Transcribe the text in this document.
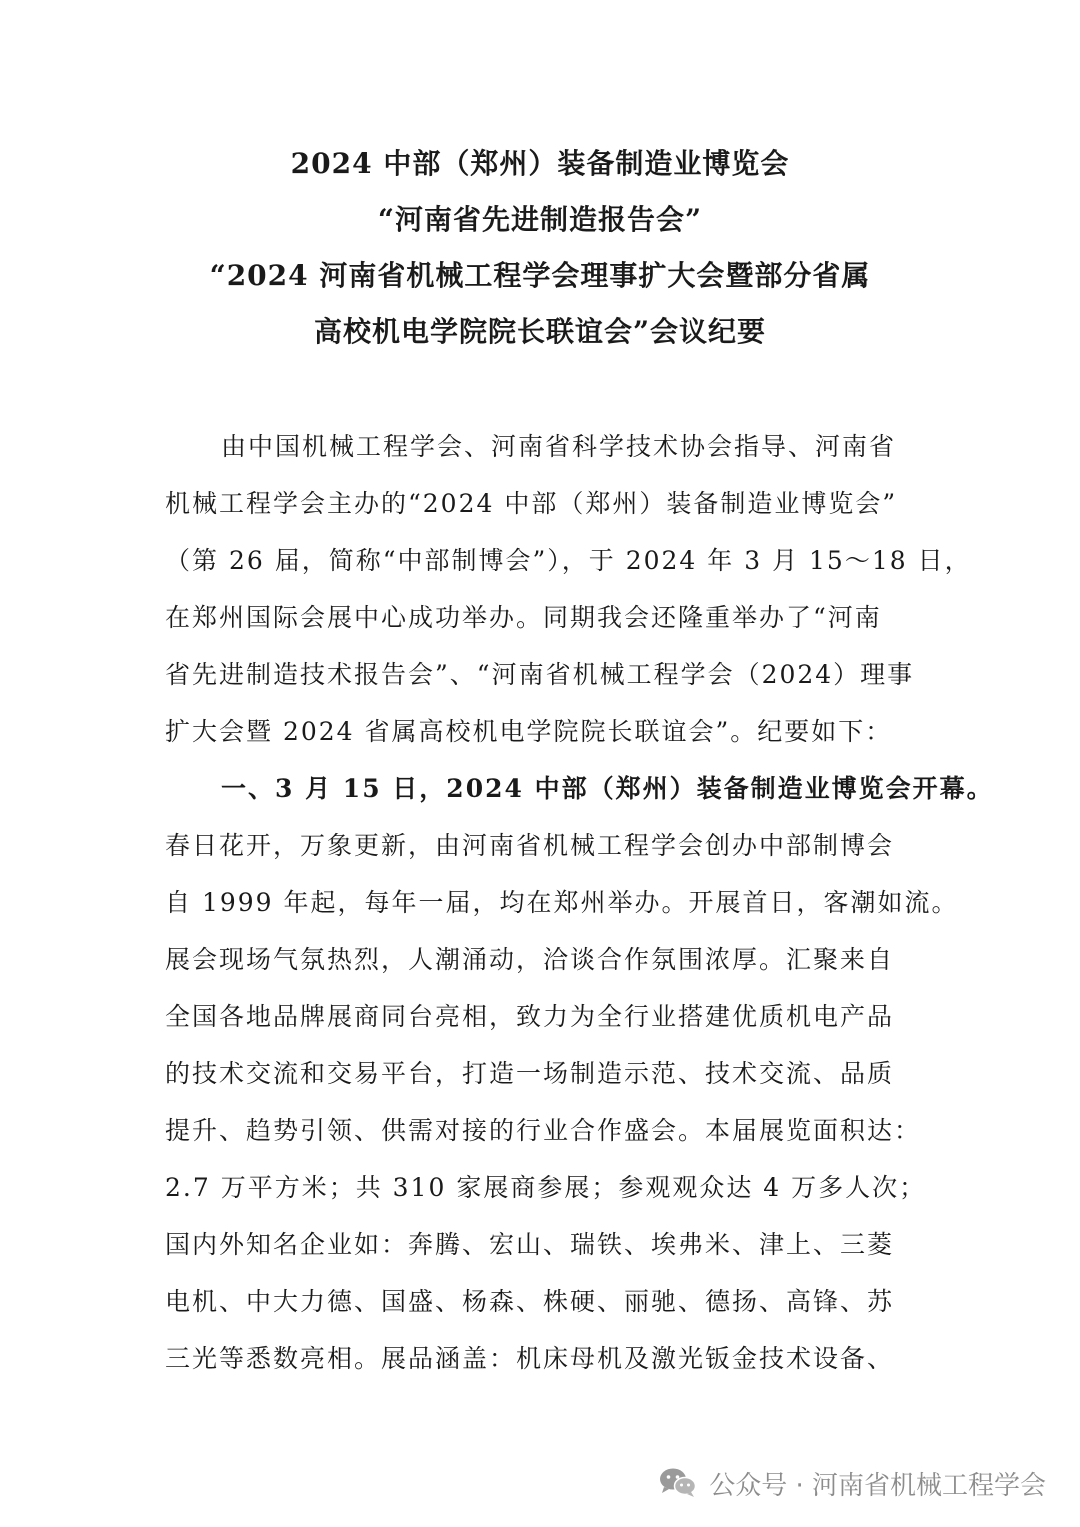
2024 中部（郑州）装备制造业博览会
“河南省先进制造报告会”
“2024 河南省机械工程学会理事扩大会暨部分省属
高校机电学院院长联谊会”会议纪要
由中国机械工程学会、河南省科学技术协会指导、河南省
机械工程学会主办的“2024 中部（郑州）装备制造业博览会”
（第 26 届，简称“中部制博会”），于 2024 年 3 月 15～18 日，
在郑州国际会展中心成功举办。同期我会还隆重举办了“河南
省先进制造技术报告会”、“河南省机械工程学会（2024）理事
扩大会暨 2024 省属高校机电学院院长联谊会”。纪要如下：
一、3 月 15 日，2024 中部（郑州）装备制造业博览会开幕。
春日花开，万象更新，由河南省机械工程学会创办中部制博会
自 1999 年起，每年一届，均在郑州举办。开展首日，客潮如流。
展会现场气氛热烈，人潮涌动，洽谈合作氛围浓厚。汇聚来自
全国各地品牌展商同台亮相，致力为全行业搭建优质机电产品
的技术交流和交易平台，打造一场制造示范、技术交流、品质
提升、趋势引领、供需对接的行业合作盛会。本届展览面积达：
2.7 万平方米；共 310 家展商参展；参观观众达 4 万多人次；
国内外知名企业如：奔腾、宏山、瑞铁、埃弗米、津上、三菱
电机、中大力德、国盛、杨森、株硬、丽驰、德扬、高锋、苏
三光等悉数亮相。展品涵盖：机床母机及激光钣金技术设备、
公众号 · 河南省机械工程学会
